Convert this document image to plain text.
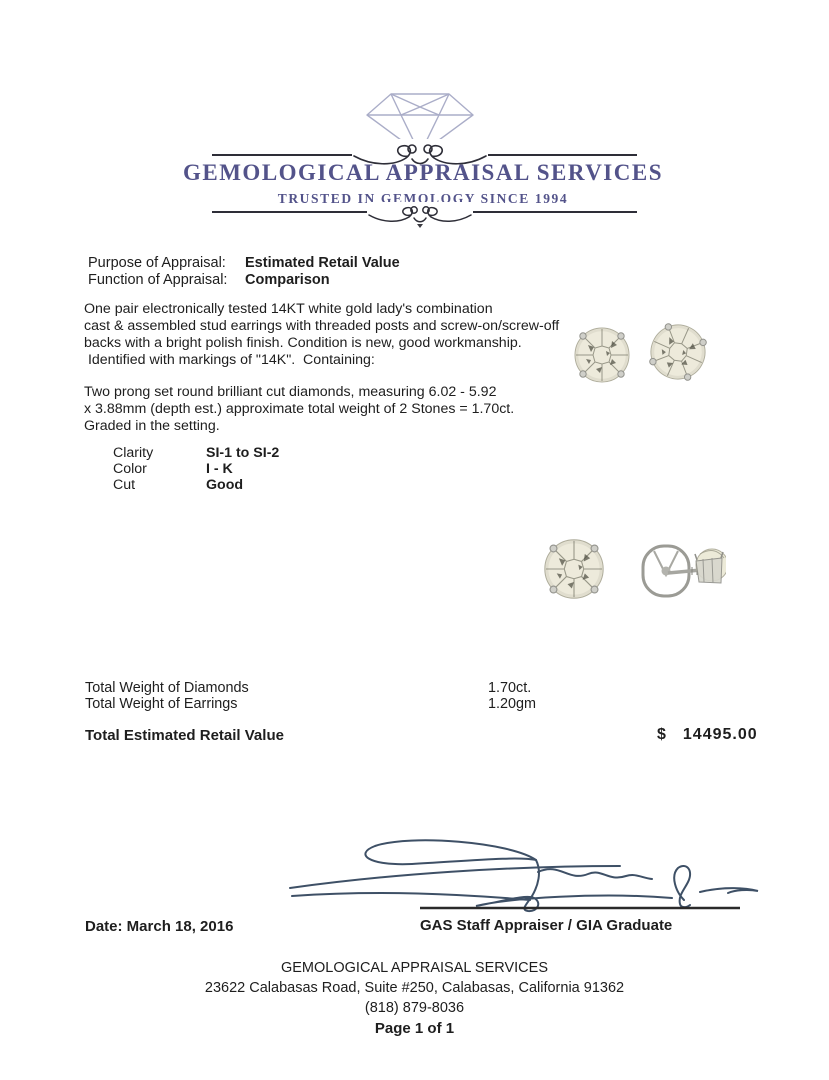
GEMOLOGICAL APPRAISAL SERVICES
TRUSTED IN GEMOLOGY SINCE 1994
Purpose of Appraisal:	Estimated Retail Value
Function of Appraisal:	Comparison
One pair electronically tested 14KT white gold lady's combination
cast & assembled stud earrings with threaded posts and screw-on/screw-off
backs with a bright polish finish. Condition is new, good workmanship.
Identified with markings of "14K".  Containing:
Two prong set round brilliant cut diamonds, measuring 6.02 - 5.92
x 3.88mm (depth est.) approximate total weight of 2 Stones = 1.70ct.
Graded in the setting.
Clarity	SI-1 to SI-2
Color	I - K
Cut	Good
Total Weight of Diamonds	1.70ct.
Total Weight of Earrings	1.20gm
Total Estimated Retail Value	$ 14495.00
Date: March 18, 2016	GAS Staff Appraiser / GIA Graduate
GEMOLOGICAL APPRAISAL SERVICES
23622 Calabasas Road, Suite #250, Calabasas, California 91362
(818) 879-8036
Page 1 of 1
